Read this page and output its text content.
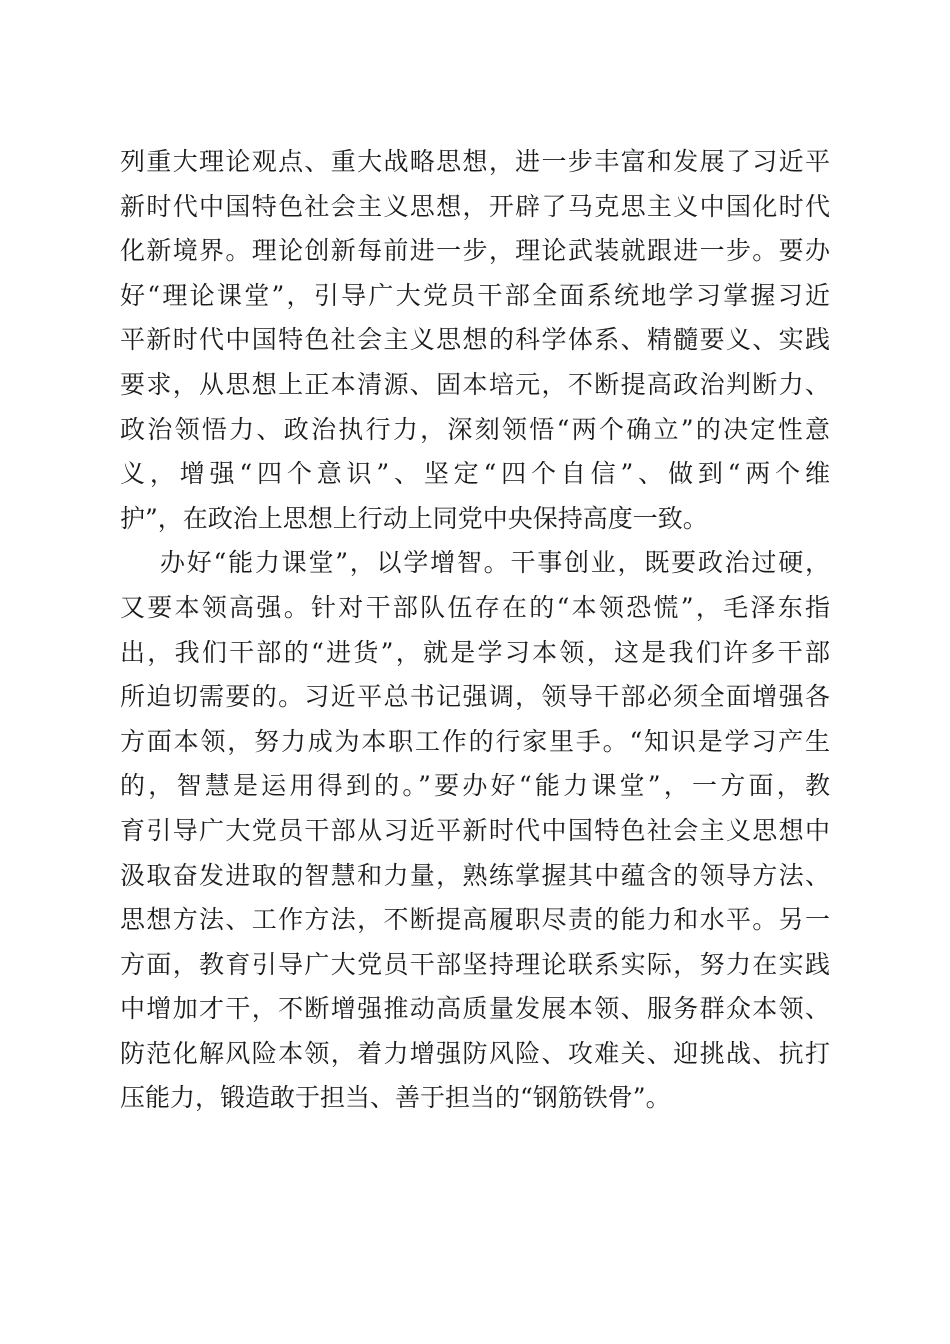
列重大理论观点、重大战略思想，进一步丰富和发展了习近平
新时代中国特色社会主义思想，开辟了马克思主义中国化时代
化新境界。理论创新每前进一步，理论武装就跟进一步。要办
好“理论课堂”，引导广大党员干部全面系统地学习掌握习近
平新时代中国特色社会主义思想的科学体系、精髓要义、实践
要求，从思想上正本清源、固本培元，不断提高政治判断力、
政治领悟力、政治执行力，深刻领悟“两个确立”的决定性意
义，增强“四个意识”、坚定“四个自信”、做到“两个维
护”，在政治上思想上行动上同党中央保持高度一致。
办好“能力课堂”，以学增智。干事创业，既要政治过硬，
又要本领高强。针对干部队伍存在的“本领恐慌”，毛泽东指
出，我们干部的“进货”，就是学习本领，这是我们许多干部
所迫切需要的。习近平总书记强调，领导干部必须全面增强各
方面本领，努力成为本职工作的行家里手。“知识是学习产生
的，智慧是运用得到的。”要办好“能力课堂”，一方面，教
育引导广大党员干部从习近平新时代中国特色社会主义思想中
汲取奋发进取的智慧和力量，熟练掌握其中蕴含的领导方法、
思想方法、工作方法，不断提高履职尽责的能力和水平。另一
方面，教育引导广大党员干部坚持理论联系实际，努力在实践
中增加才干，不断增强推动高质量发展本领、服务群众本领、
防范化解风险本领，着力增强防风险、攻难关、迎挑战、抗打
压能力，锻造敢于担当、善于担当的“钢筋铁骨”。
